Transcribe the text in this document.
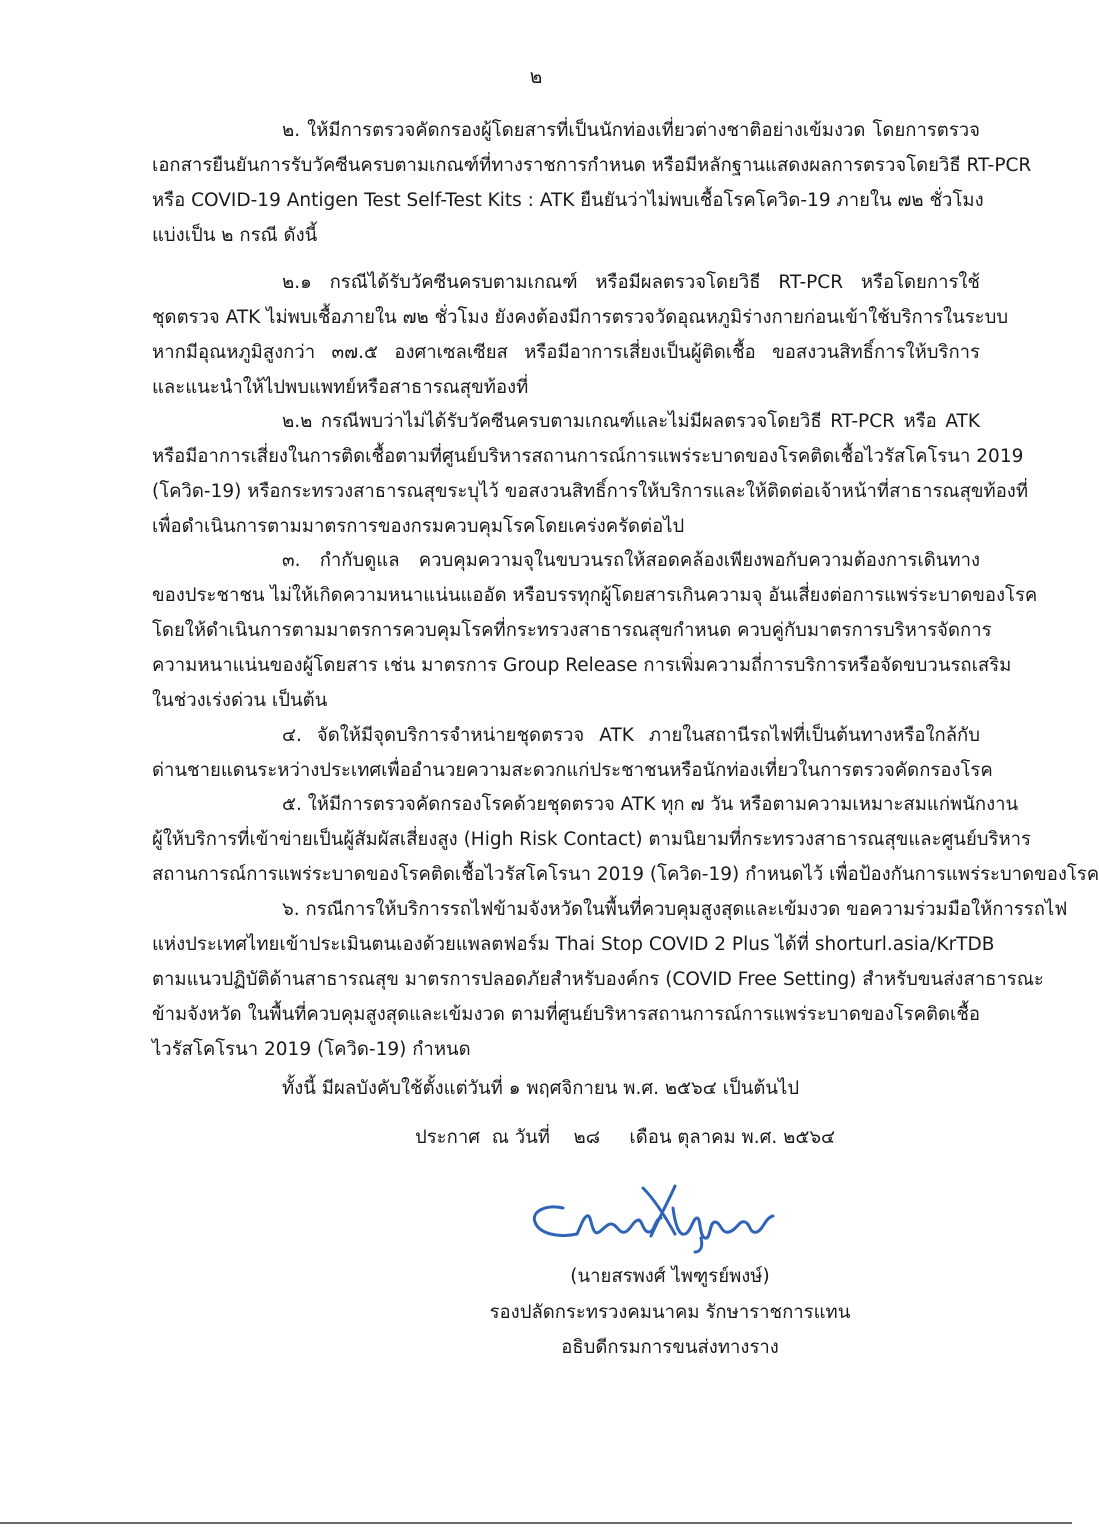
๒
๒. ให้มีการตรวจคัดกรองผู้โดยสารที่เป็นนักท่องเที่ยวต่างชาติอย่างเข้มงวด โดยการตรวจ
เอกสารยืนยันการรับวัคซีนครบตามเกณฑ์ที่ทางราชการกำหนด หรือมีหลักฐานแสดงผลการตรวจโดยวิธี RT-PCR
หรือ COVID-19 Antigen Test Self-Test Kits : ATK ยืนยันว่าไม่พบเชื้อโรคโควิด-19 ภายใน ๗๒ ชั่วโมง
แบ่งเป็น ๒ กรณี ดังนี้
๒.๑ กรณีได้รับวัคซีนครบตามเกณฑ์ หรือมีผลตรวจโดยวิธี RT-PCR หรือโดยการใช้
ชุดตรวจ ATK ไม่พบเชื้อภายใน ๗๒ ชั่วโมง ยังคงต้องมีการตรวจวัดอุณหภูมิร่างกายก่อนเข้าใช้บริการในระบบ
หากมีอุณหภูมิสูงกว่า ๓๗.๕ องศาเซลเซียส หรือมีอาการเสี่ยงเป็นผู้ติดเชื้อ ขอสงวนสิทธิ์การให้บริการ
และแนะนำให้ไปพบแพทย์หรือสาธารณสุขท้องที่
๒.๒ กรณีพบว่าไม่ได้รับวัคซีนครบตามเกณฑ์และไม่มีผลตรวจโดยวิธี RT-PCR หรือ ATK
หรือมีอาการเสี่ยงในการติดเชื้อตามที่ศูนย์บริหารสถานการณ์การแพร่ระบาดของโรคติดเชื้อไวรัสโคโรนา 2019
(โควิด-19) หรือกระทรวงสาธารณสุขระบุไว้ ขอสงวนสิทธิ์การให้บริการและให้ติดต่อเจ้าหน้าที่สาธารณสุขท้องที่
เพื่อดำเนินการตามมาตรการของกรมควบคุมโรคโดยเคร่งครัดต่อไป
๓. กำกับดูแล ควบคุมความจุในขบวนรถให้สอดคล้องเพียงพอกับความต้องการเดินทาง
ของประชาชน ไม่ให้เกิดความหนาแน่นแออัด หรือบรรทุกผู้โดยสารเกินความจุ อันเสี่ยงต่อการแพร่ระบาดของโรค
โดยให้ดำเนินการตามมาตรการควบคุมโรคที่กระทรวงสาธารณสุขกำหนด ควบคู่กับมาตรการบริหารจัดการ
ความหนาแน่นของผู้โดยสาร เช่น มาตรการ Group Release การเพิ่มความถี่การบริการหรือจัดขบวนรถเสริม
ในช่วงเร่งด่วน เป็นต้น
๔. จัดให้มีจุดบริการจำหน่ายชุดตรวจ ATK ภายในสถานีรถไฟที่เป็นต้นทางหรือใกล้กับ
ด่านชายแดนระหว่างประเทศเพื่ออำนวยความสะดวกแก่ประชาชนหรือนักท่องเที่ยวในการตรวจคัดกรองโรค
๕. ให้มีการตรวจคัดกรองโรคด้วยชุดตรวจ ATK ทุก ๗ วัน หรือตามความเหมาะสมแก่พนักงาน
ผู้ให้บริการที่เข้าข่ายเป็นผู้สัมผัสเสี่ยงสูง (High Risk Contact) ตามนิยามที่กระทรวงสาธารณสุขและศูนย์บริหาร
สถานการณ์การแพร่ระบาดของโรคติดเชื้อไวรัสโคโรนา 2019 (โควิด-19) กำหนดไว้ เพื่อป้องกันการแพร่ระบาดของโรค
๖. กรณีการให้บริการรถไฟข้ามจังหวัดในพื้นที่ควบคุมสูงสุดและเข้มงวด ขอความร่วมมือให้การรถไฟ
แห่งประเทศไทยเข้าประเมินตนเองด้วยแพลตฟอร์ม Thai Stop COVID 2 Plus ได้ที่ shorturl.asia/KrTDB
ตามแนวปฏิบัติด้านสาธารณสุข มาตรการปลอดภัยสำหรับองค์กร (COVID Free Setting) สำหรับขนส่งสาธารณะ
ข้ามจังหวัด ในพื้นที่ควบคุมสูงสุดและเข้มงวด ตามที่ศูนย์บริหารสถานการณ์การแพร่ระบาดของโรคติดเชื้อ
ไวรัสโคโรนา 2019 (โควิด-19) กำหนด
ทั้งนี้ มีผลบังคับใช้ตั้งแต่วันที่ ๑ พฤศจิกายน พ.ศ. ๒๕๖๔ เป็นต้นไป
ประกาศ  ณ วันที่    ๒๘     เดือน ตุลาคม พ.ศ. ๒๕๖๔
(นายสรพงศ์ ไพฑูรย์พงษ์)
รองปลัดกระทรวงคมนาคม รักษาราชการแทน
อธิบดีกรมการขนส่งทางราง
